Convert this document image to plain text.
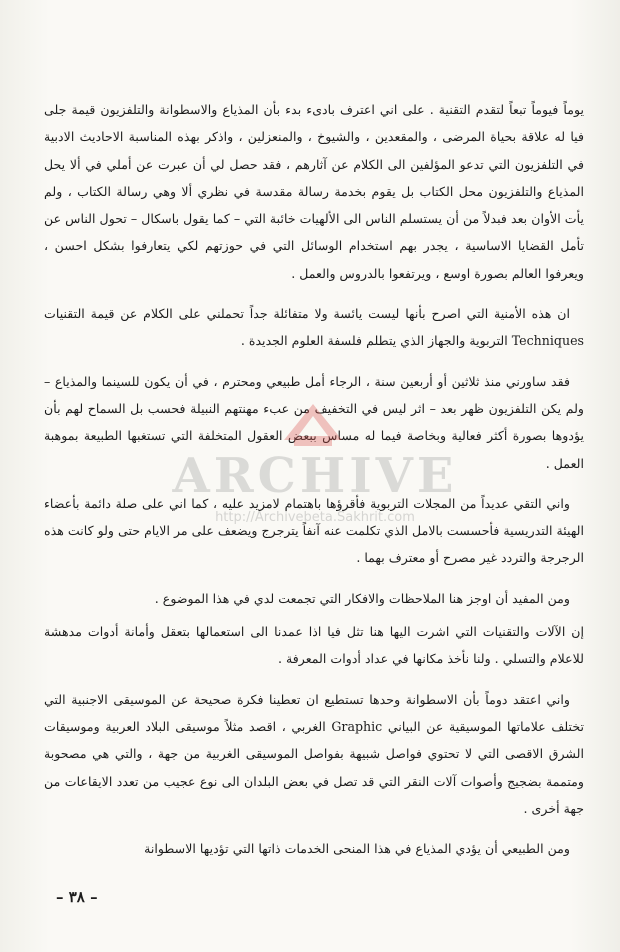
يوماً فيوماً تبعاً لتقدم التقنية . على اني اعترف بادىء بدء بأن المذياع والاسطوانة والتلفزيون قيمة جلى فيا له علاقة بحياة المرضى ، والمقعدين ، والشيوخ ، والمنعزلين ، واذكر بهذه المناسبة الاحاديث الادبية في التلفزيون التي تدعو المؤلفين الى الكلام عن آثارهم ، فقد حصل لي أن عبرت عن أملي في ألا يحل المذياع والتلفزيون محل الكتاب بل يقوم بخدمة رسالة مقدسة في نظري ألا وهي رسالة الكتاب ، ولم يأت الأوان بعد فبدلاً من أن يستسلم الناس الى الألهيات خائبة التي – كما يقول باسكال – تحول الناس عن تأمل القضايا الاساسية ، يجدر بهم استخدام الوسائل التي في حوزتهم لكي يتعارفوا بشكل احسن ، ويعرفوا العالم بصورة اوسع ، ويرتفعوا بالدروس والعمل .

ان هذه الأمنية التي اصرح بأنها ليست يائسة ولا متفائلة جداً تحملني على الكلام عن قيمة التقنيات Techniques التربوية والجهاز الذي يتطلم فلسفة العلوم الجديدة .

فقد ساورني منذ ثلاثين أو أربعين سنة ، الرجاء أمل طبيعي ومحترم ، في أن يكون للسينما والمذياع – ولم يكن التلفزيون ظهر بعد – اثر ليس في التخفيف من عبء مهنتهم النبيلة فحسب بل السماح لهم بأن يؤدوها بصورة أكثر فعالية وبخاصة فيما له مساس ببعض العقول المتخلفة التي تستغبها الطبيعة بموهبة العمل .

واني التقي عديداً من المجلات التربوية فأقرؤها باهتمام لامزيد عليه ، كما اني على صلة دائمة بأعضاء الهيئة التدريسية فأحسست بالامل الذي تكلمت عنه آنفاً يترجرج ويضعف على مر الايام حتى ولو كانت هذه الرجرجة والتردد غير مصرح أو معترف بهما .

ومن المفيد أن اوجز هنا الملاحظات والافكار التي تجمعت لدي في هذا الموضوع .

إن الآلات والتقنيات التي اشرت اليها هنا تثل فيا اذا عمدنا الى استعمالها بتعقل وأمانة أدوات مدهشة للاعلام والتسلي . ولنا نأخذ مكانها في عداد أدوات المعرفة .

واني اعتقد دوماً بأن الاسطوانة وحدها تستطيع ان تعطينا فكرة صحيحة عن الموسيقى الاجنبية التي تختلف علاماتها الموسيقية عن البياني Graphic الغربي ، اقصد مثلاً موسيقى البلاد العربية وموسيقات الشرق الاقصى التي لا تحتوي فواصل شبيهة بفواصل الموسيقى الغربية من جهة ، والتي هي مصحوبة ومتممة بضجيج وأصوات آلات النقر التي قد تصل في بعض البلدان الى نوع عجيب من تعدد الايقاعات من جهة أخرى .

ومن الطبيعي أن يؤدي المذياع في هذا المنحى الخدمات ذاتها التي تؤديها الاسطوانة

ARCHIVE
http://Archivebeta.Sakhrit.com
– ٣٨ –
